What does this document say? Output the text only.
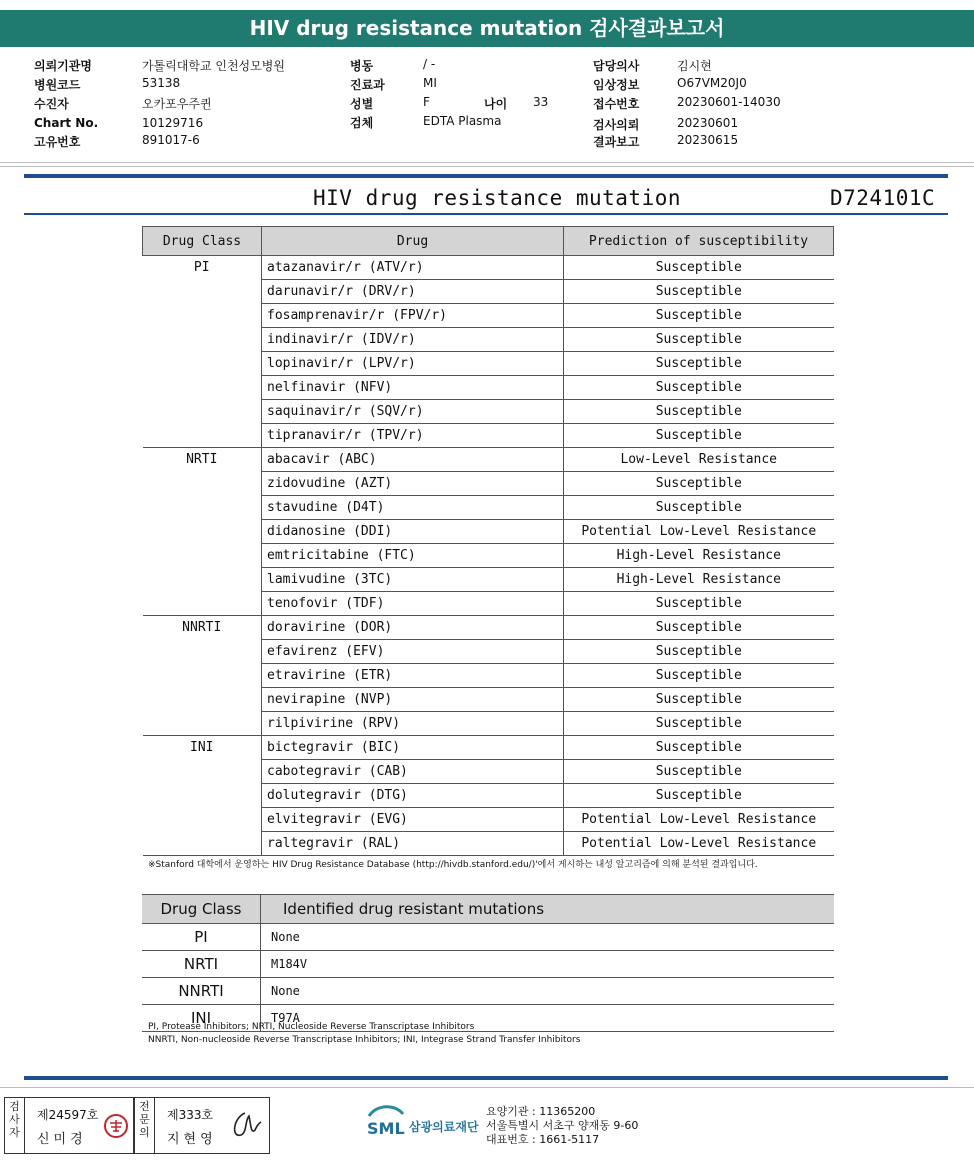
HIV drug resistance mutation 검사결과보고서
의뢰기관명	가톨릭대학교 인천성모병원
병원코드	53138
수진자	오카포우주퀸
Chart No.	10129716
고유번호	891017-6
병동	/ -
진료과	MI
성별	F	나이 33
검체	EDTA Plasma
담당의사	김시현
임상정보	O67VM20J0
접수번호	20230601-14030
검사의뢰	20230601
결과보고	20230615
HIV drug resistance mutation	D724101C
Drug Class	Drug	Prediction of susceptibility
PI	atazanavir/r (ATV/r)	Susceptible
	darunavir/r (DRV/r)	Susceptible
	fosamprenavir/r (FPV/r)	Susceptible
	indinavir/r (IDV/r)	Susceptible
	lopinavir/r (LPV/r)	Susceptible
	nelfinavir (NFV)	Susceptible
	saquinavir/r (SQV/r)	Susceptible
	tipranavir/r (TPV/r)	Susceptible
NRTI	abacavir (ABC)	Low-Level Resistance
	zidovudine (AZT)	Susceptible
	stavudine (D4T)	Susceptible
	didanosine (DDI)	Potential Low-Level Resistance
	emtricitabine (FTC)	High-Level Resistance
	lamivudine (3TC)	High-Level Resistance
	tenofovir (TDF)	Susceptible
NNRTI	doravirine (DOR)	Susceptible
	efavirenz (EFV)	Susceptible
	etravirine (ETR)	Susceptible
	nevirapine (NVP)	Susceptible
	rilpivirine (RPV)	Susceptible
INI	bictegravir (BIC)	Susceptible
	cabotegravir (CAB)	Susceptible
	dolutegravir (DTG)	Susceptible
	elvitegravir (EVG)	Potential Low-Level Resistance
	raltegravir (RAL)	Potential Low-Level Resistance
※Stanford 대학에서 운영하는 HIV Drug Resistance Database (http://hivdb.stanford.edu/)'에서 게시하는 내성 알고리즘에 의해 분석된 결과입니다.
Drug Class	Identified drug resistant mutations
PI	None
NRTI	M184V
NNRTI	None
INI	T97A
PI, Protease Inhibitors; NRTI, Nucleoside Reverse Transcriptase Inhibitors
NNRTI, Non-nucleoside Reverse Transcriptase Inhibitors; INI, Integrase Strand Transfer Inhibitors
검
사
자
제24597호
신미경
전
문
의
제333호
지현영
SML 삼광의료재단
요양기관 : 11365200
서울특별시 서초구 양재동 9-60
대표번호 : 1661-5117
